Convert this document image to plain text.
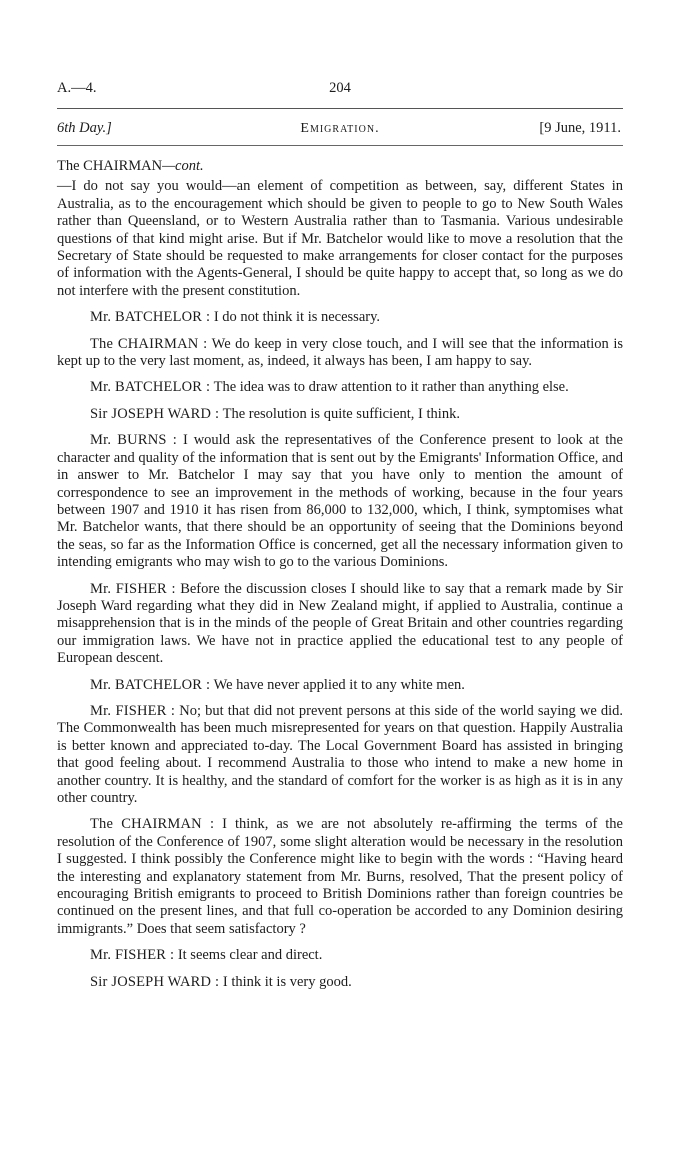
A.—4.	204
6th Day.]	Emigration.	[9 June, 1911.

The CHAIRMAN—cont.

—I do not say you would—an element of competition as between, say, different States in Australia, as to the encouragement which should be given to people to go to New South Wales rather than Queensland, or to Western Australia rather than to Tasmania. Various undesirable questions of that kind might arise. But if Mr. Batchelor would like to move a resolution that the Secretary of State should be requested to make arrangements for closer contact for the purposes of information with the Agents-General, I should be quite happy to accept that, so long as we do not interfere with the present constitution.

Mr. BATCHELOR : I do not think it is necessary.

The CHAIRMAN : We do keep in very close touch, and I will see that the information is kept up to the very last moment, as, indeed, it always has been, I am happy to say.

Mr. BATCHELOR : The idea was to draw attention to it rather than anything else.

Sir JOSEPH WARD : The resolution is quite sufficient, I think.

Mr. BURNS : I would ask the representatives of the Conference present to look at the character and quality of the information that is sent out by the Emigrants' Information Office, and in answer to Mr. Batchelor I may say that you have only to mention the amount of correspondence to see an improvement in the methods of working, because in the four years between 1907 and 1910 it has risen from 86,000 to 132,000, which, I think, symptomises what Mr. Batchelor wants, that there should be an opportunity of seeing that the Dominions beyond the seas, so far as the Information Office is concerned, get all the necessary information given to intending emigrants who may wish to go to the various Dominions.

Mr. FISHER : Before the discussion closes I should like to say that a remark made by Sir Joseph Ward regarding what they did in New Zealand might, if applied to Australia, continue a misapprehension that is in the minds of the people of Great Britain and other countries regarding our immigration laws. We have not in practice applied the educational test to any people of European descent.

Mr. BATCHELOR : We have never applied it to any white men.

Mr. FISHER : No; but that did not prevent persons at this side of the world saying we did. The Commonwealth has been much misrepresented for years on that question. Happily Australia is better known and appreciated to-day. The Local Government Board has assisted in bringing that good feeling about. I recommend Australia to those who intend to make a new home in another country. It is healthy, and the standard of comfort for the worker is as high as it is in any other country.

The CHAIRMAN : I think, as we are not absolutely re-affirming the terms of the resolution of the Conference of 1907, some slight alteration would be necessary in the resolution I suggested. I think possibly the Conference might like to begin with the words : “Having heard the interesting and explanatory statement from Mr. Burns, resolved, That the present policy of encouraging British emigrants to proceed to British Dominions rather than foreign countries be continued on the present lines, and that full co-operation be accorded to any Dominion desiring immigrants.” Does that seem satisfactory ?

Mr. FISHER : It seems clear and direct.

Sir JOSEPH WARD : I think it is very good.
